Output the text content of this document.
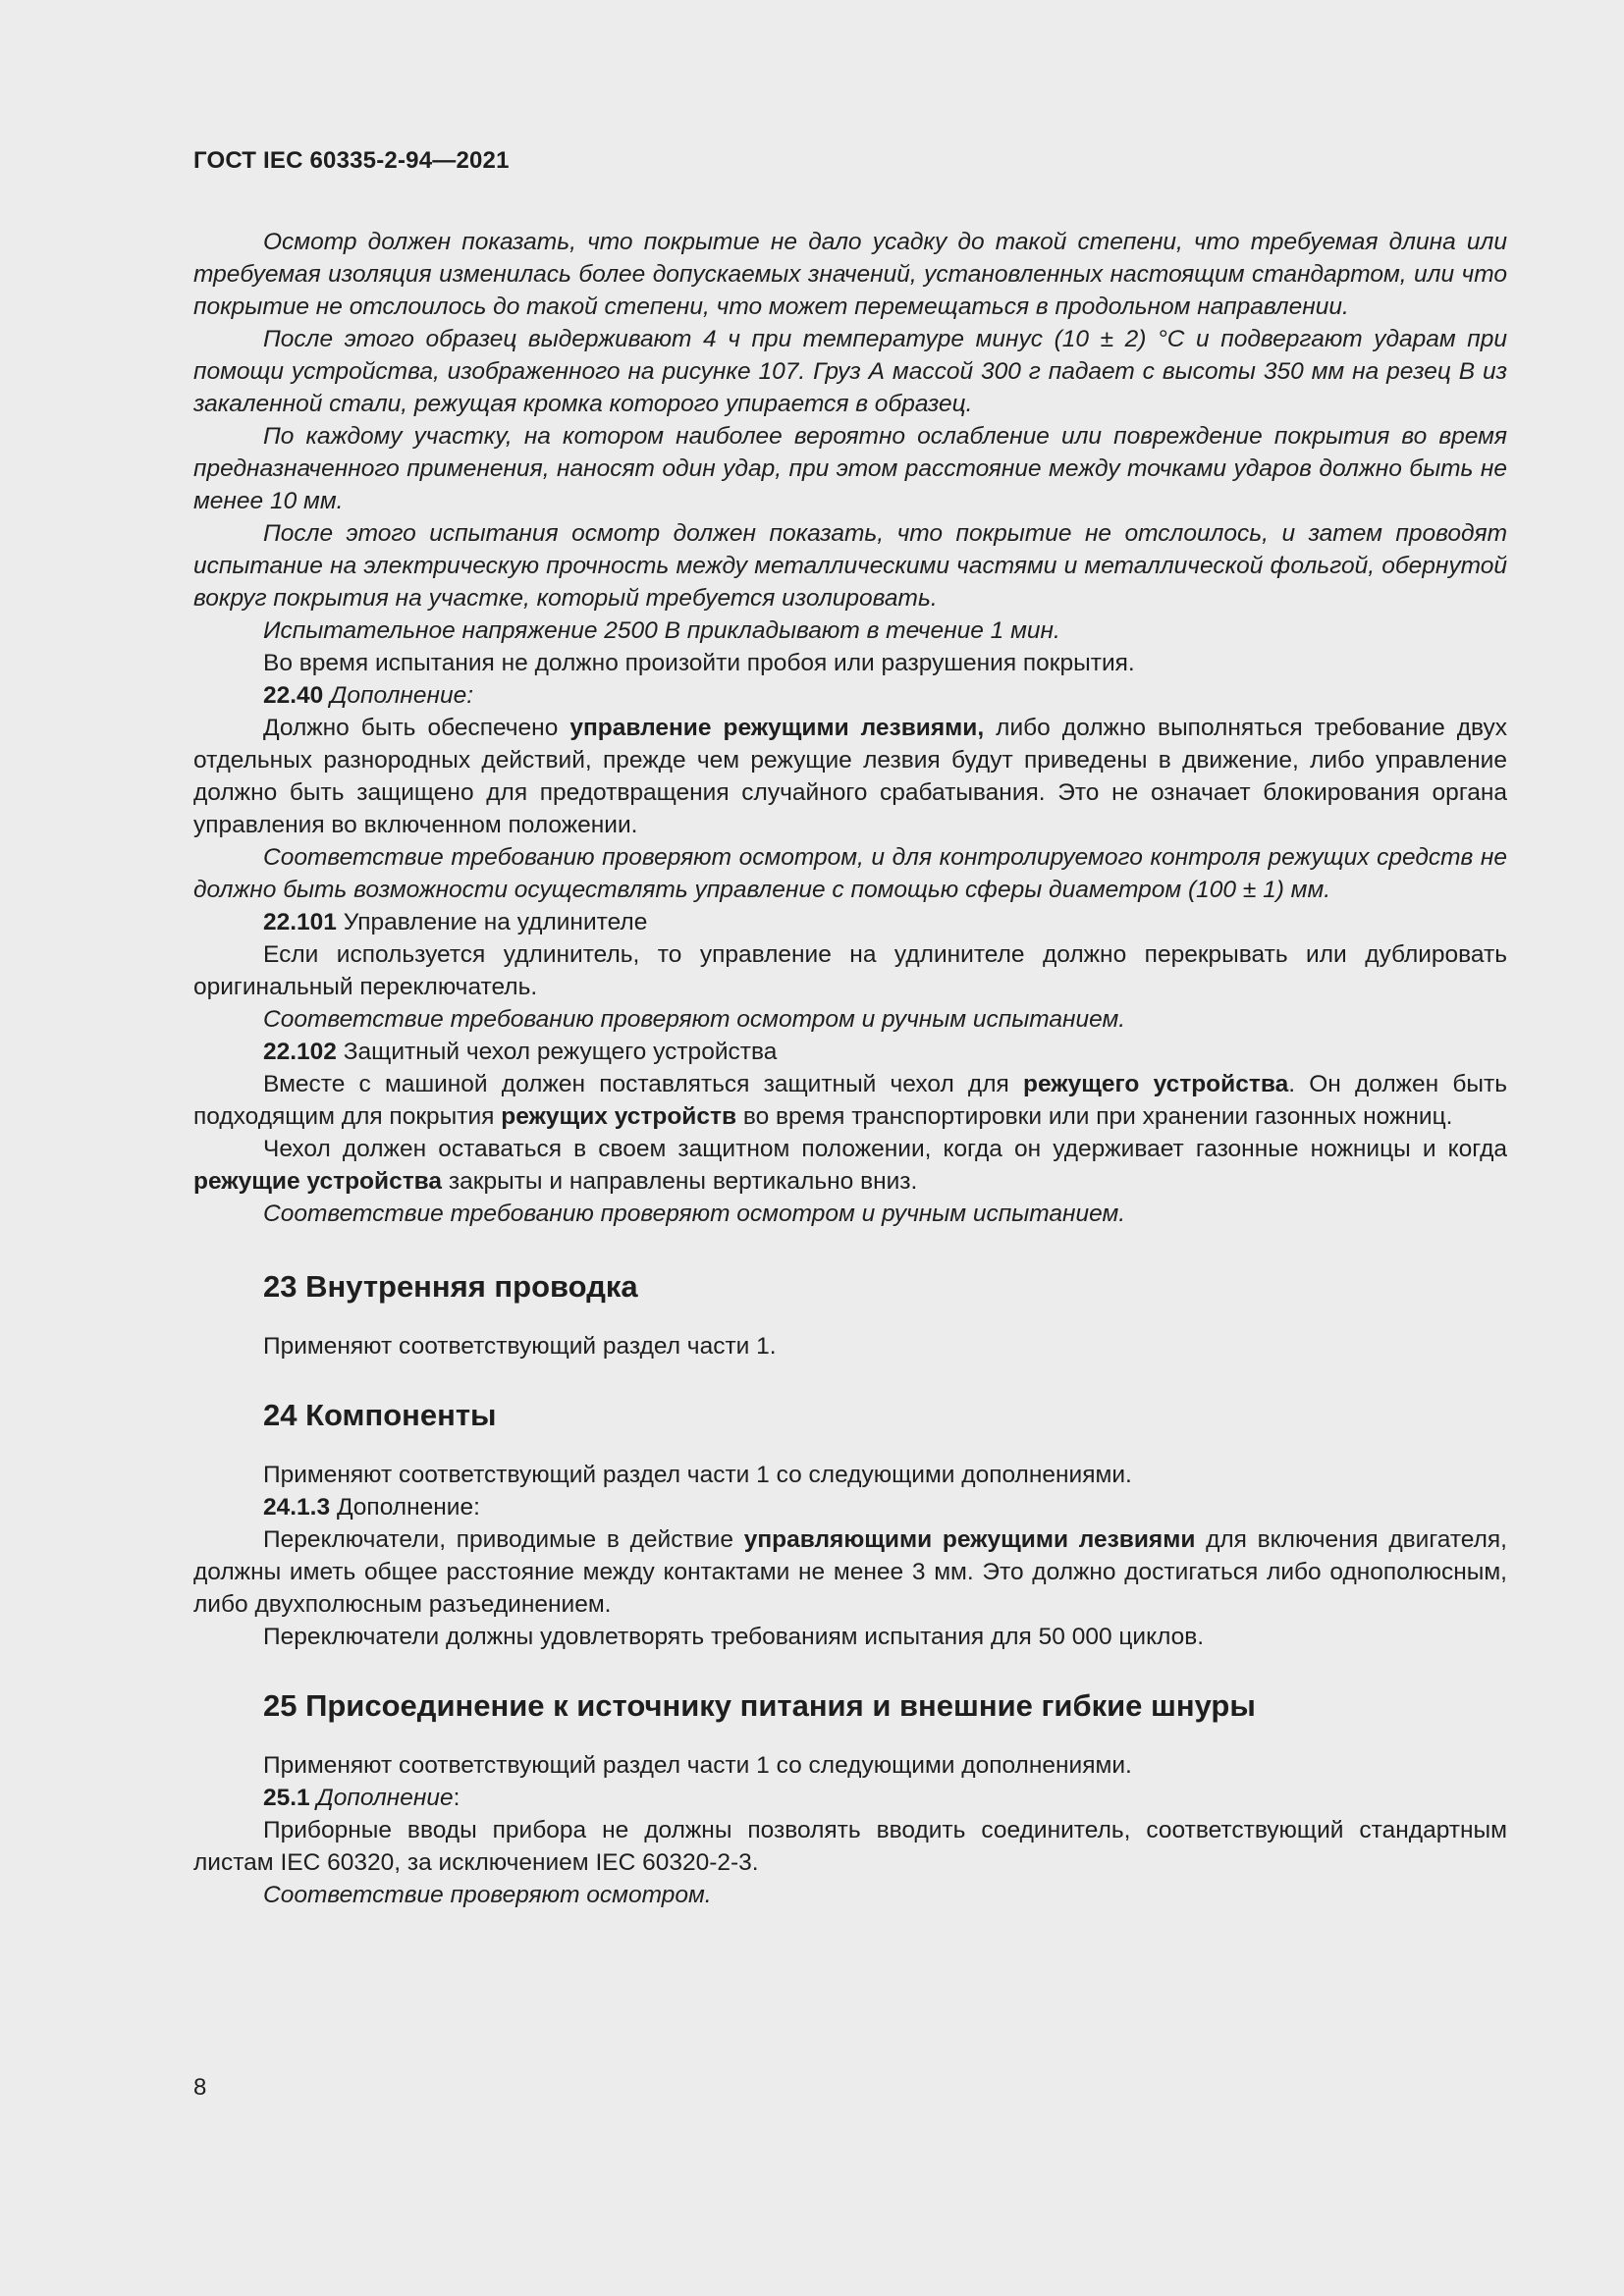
ГОСТ IEC 60335-2-94—2021

Осмотр должен показать, что покрытие не дало усадку до такой степени, что требуемая длина или требуемая изоляция изменилась более допускаемых значений, установленных настоящим стандартом, или что покрытие не отслоилось до такой степени, что может перемещаться в продольном направлении.

После этого образец выдерживают 4 ч при температуре минус (10 ± 2) °С и подвергают ударам при помощи устройства, изображенного на рисунке 107. Груз А массой 300 г падает с высоты 350 мм на резец В из закаленной стали, режущая кромка которого упирается в образец.

По каждому участку, на котором наиболее вероятно ослабление или повреждение покрытия во время предназначенного применения, наносят один удар, при этом расстояние между точками ударов должно быть не менее 10 мм.

После этого испытания осмотр должен показать, что покрытие не отслоилось, и затем проводят испытание на электрическую прочность между металлическими частями и металлической фольгой, обернутой вокруг покрытия на участке, который требуется изолировать.

Испытательное напряжение 2500 В прикладывают в течение 1 мин.

Во время испытания не должно произойти пробоя или разрушения покрытия.

22.40 Дополнение:

Должно быть обеспечено управление режущими лезвиями, либо должно выполняться требование двух отдельных разнородных действий, прежде чем режущие лезвия будут приведены в движение, либо управление должно быть защищено для предотвращения случайного срабатывания. Это не означает блокирования органа управления во включенном положении.

Соответствие требованию проверяют осмотром, и для контролируемого контроля режущих средств не должно быть возможности осуществлять управление с помощью сферы диаметром (100 ± 1) мм.

22.101 Управление на удлинителе

Если используется удлинитель, то управление на удлинителе должно перекрывать или дублировать оригинальный переключатель.

Соответствие требованию проверяют осмотром и ручным испытанием.

22.102 Защитный чехол режущего устройства

Вместе с машиной должен поставляться защитный чехол для режущего устройства. Он должен быть подходящим для покрытия режущих устройств во время транспортировки или при хранении газонных ножниц.

Чехол должен оставаться в своем защитном положении, когда он удерживает газонные ножницы и когда режущие устройства закрыты и направлены вертикально вниз.

Соответствие требованию проверяют осмотром и ручным испытанием.

23 Внутренняя проводка

Применяют соответствующий раздел части 1.

24 Компоненты

Применяют соответствующий раздел части 1 со следующими дополнениями.

24.1.3 Дополнение:

Переключатели, приводимые в действие управляющими режущими лезвиями для включения двигателя, должны иметь общее расстояние между контактами не менее 3 мм. Это должно достигаться либо однополюсным, либо двухполюсным разъединением.

Переключатели должны удовлетворять требованиям испытания для 50 000 циклов.

25 Присоединение к источнику питания и внешние гибкие шнуры

Применяют соответствующий раздел части 1 со следующими дополнениями.

25.1 Дополнение:

Приборные вводы прибора не должны позволять вводить соединитель, соответствующий стандартным листам IEC 60320, за исключением IEC 60320-2-3.

Соответствие проверяют осмотром.

8
